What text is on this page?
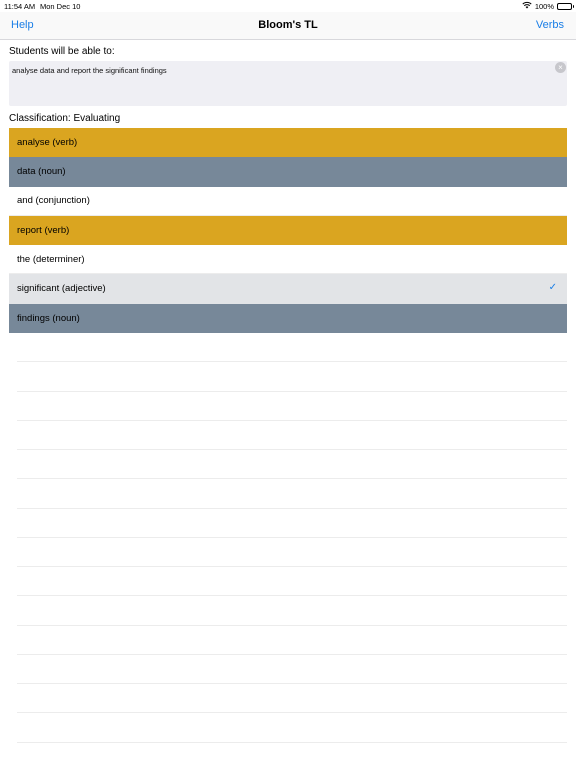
11:54 AM Mon Dec 10	100%
Help	Bloom's TL	Verbs
Students will be able to:
analyse data and report the significant findings	×
Classification: Evaluating
analyse (verb)
data (noun)
and (conjunction)
report (verb)
the (determiner)
significant (adjective)	✓
findings (noun)
